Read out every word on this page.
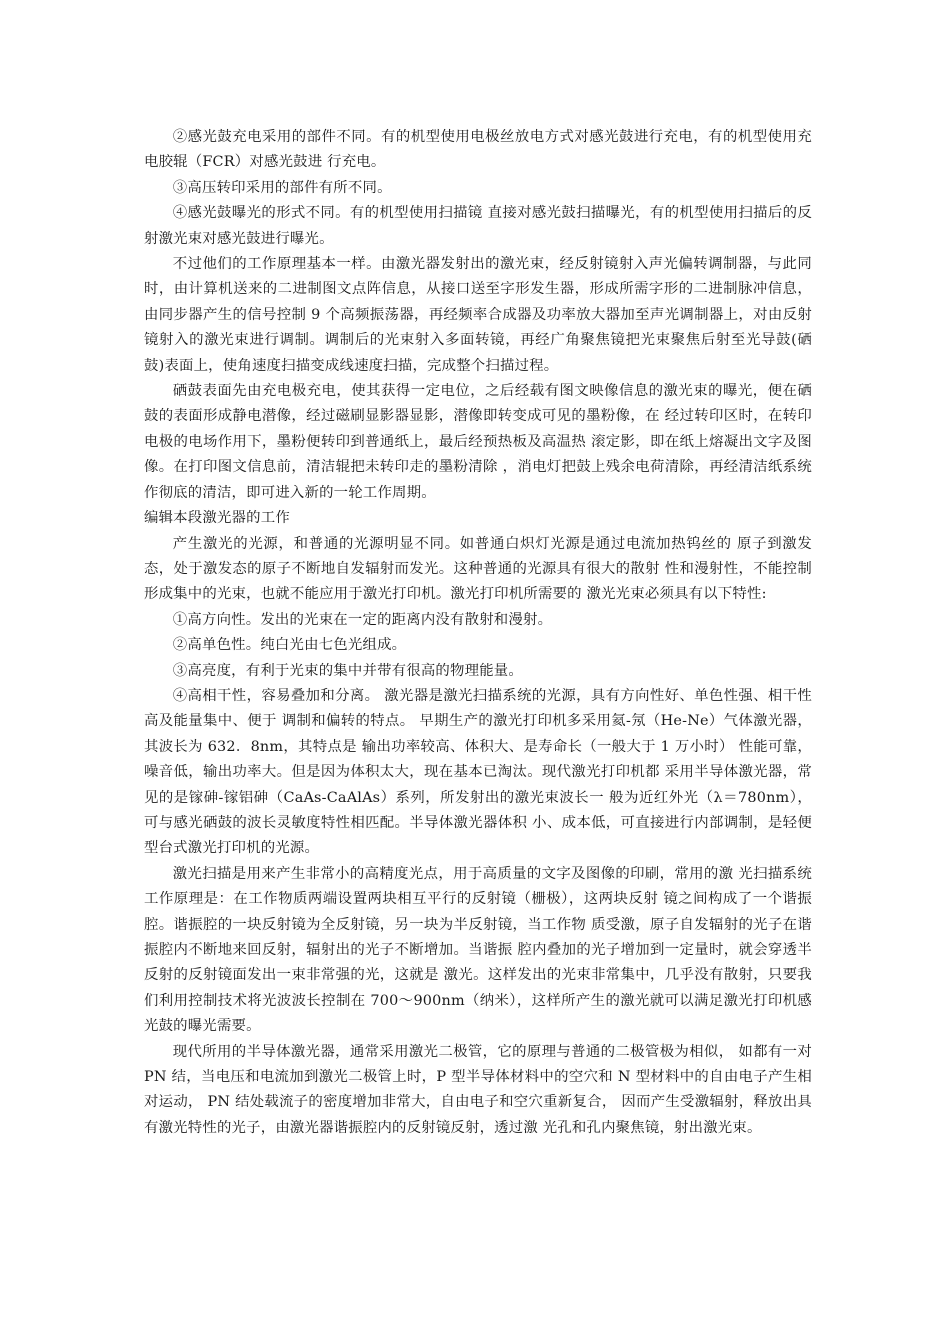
②感光鼓充电采用的部件不同。有的机型使用电极丝放电方式对感光鼓进行充电，有的机型使用充电胶辊（FCR）对感光鼓进 行充电。

③高压转印采用的部件有所不同。

④感光鼓曝光的形式不同。有的机型使用扫描镜 直接对感光鼓扫描曝光，有的机型使用扫描后的反射激光束对感光鼓进行曝光。

不过他们的工作原理基本一样。由激光器发射出的激光束，经反射镜射入声光偏转调制器，与此同时，由计算机送来的二进制图文点阵信息，从接口送至字形发生器，形成所需字形的二进制脉冲信息，由同步器产生的信号控制 9 个高频振荡器，再经频率合成器及功率放大器加至声光调制器上，对由反射 镜射入的激光束进行调制。调制后的光束射入多面转镜，再经广角聚焦镜把光束聚焦后射至光导鼓(硒鼓)表面上，使角速度扫描变成线速度扫描，完成整个扫描过程。

硒鼓表面先由充电极充电，使其获得一定电位，之后经载有图文映像信息的激光束的曝光，便在硒鼓的表面形成静电潜像，经过磁刷显影器显影，潜像即转变成可见的墨粉像，在 经过转印区时，在转印电极的电场作用下，墨粉便转印到普通纸上，最后经预热板及高温热 滚定影，即在纸上熔凝出文字及图像。在打印图文信息前，清洁辊把未转印走的墨粉清除 ，消电灯把鼓上残余电荷清除，再经清洁纸系统作彻底的清洁，即可进入新的一轮工作周期。

编辑本段激光器的工作

产生激光的光源，和普通的光源明显不同。如普通白炽灯光源是通过电流加热钨丝的 原子到激发态，处于激发态的原子不断地自发辐射而发光。这种普通的光源具有很大的散射 性和漫射性，不能控制形成集中的光束，也就不能应用于激光打印机。激光打印机所需要的 激光光束必须具有以下特性:

①高方向性。发出的光束在一定的距离内没有散射和漫射。

②高单色性。纯白光由七色光组成。

③高亮度，有利于光束的集中并带有很高的物理能量。

④高相干性，容易叠加和分离。 激光器是激光扫描系统的光源，具有方向性好、单色性强、相干性高及能量集中、便于 调制和偏转的特点。 早期生产的激光打印机多采用氦-氖（He-Ne）气体激光器，其波长为 632．8nm，其特点是 输出功率较高、体积大、是寿命长（一般大于 1 万小时） 性能可靠，噪音低，输出功率大。但是因为体积太大，现在基本已淘汰。现代激光打印机都 采用半导体激光器，常见的是镓砷-镓铝砷（CaAs-CaAlAs）系列，所发射出的激光束波长一 般为近红外光（λ＝780nm），可与感光硒鼓的波长灵敏度特性相匹配。半导体激光器体积 小、成本低，可直接进行内部调制，是轻便型台式激光打印机的光源。

激光扫描是用来产生非常小的高精度光点，用于高质量的文字及图像的印刷，常用的激 光扫描系统工作原理是：在工作物质两端设置两块相互平行的反射镜（栅极），这两块反射 镜之间构成了一个谐振腔。谐振腔的一块反射镜为全反射镜，另一块为半反射镜，当工作物 质受激，原子自发辐射的光子在谐振腔内不断地来回反射，辐射出的光子不断增加。当谐振 腔内叠加的光子增加到一定量时，就会穿透半反射的反射镜面发出一束非常强的光，这就是 激光。这样发出的光束非常集中，几乎没有散射，只要我们利用控制技术将光波波长控制在 700～900nm（纳米），这样所产生的激光就可以满足激光打印机感光鼓的曝光需要。

现代所用的半导体激光器，通常采用激光二极管，它的原理与普通的二极管极为相似， 如都有一对 PN 结，当电压和电流加到激光二极管上时，P 型半导体材料中的空穴和 N 型材料中的自由电子产生相对运动， PN 结处载流子的密度增加非常大，自由电子和空穴重新复合， 因而产生受激辐射，释放出具有激光特性的光子，由激光器谐振腔内的反射镜反射，透过激 光孔和孔内聚焦镜，射出激光束。
